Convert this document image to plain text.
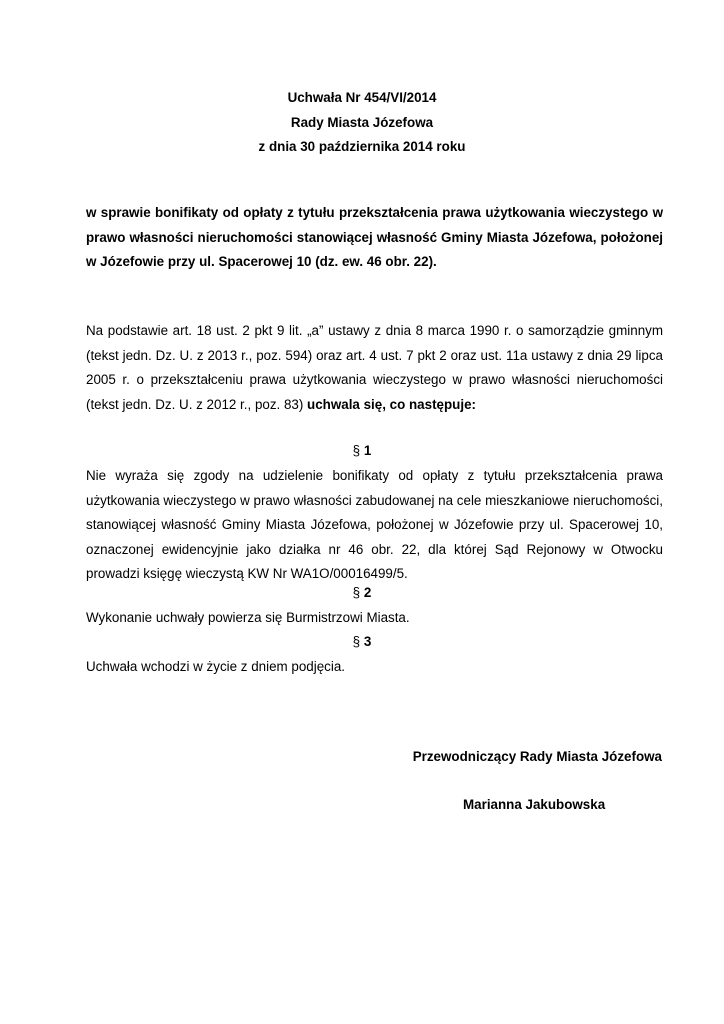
Uchwała Nr 454/VI/2014
Rady Miasta Józefowa
z dnia 30 października 2014 roku
w sprawie bonifikaty od opłaty z tytułu przekształcenia prawa użytkowania wieczystego w prawo własności nieruchomości stanowiącej własność Gminy Miasta Józefowa, położonej w Józefowie przy ul. Spacerowej 10 (dz. ew. 46 obr. 22).
Na podstawie art. 18 ust. 2 pkt 9 lit. „a” ustawy z dnia 8 marca 1990 r. o samorządzie gminnym (tekst jedn. Dz. U. z 2013 r., poz. 594) oraz art. 4 ust. 7 pkt 2 oraz ust. 11a ustawy z dnia 29 lipca 2005 r. o przekształceniu prawa użytkowania wieczystego w prawo własności nieruchomości (tekst jedn. Dz. U. z 2012 r., poz. 83) uchwala się, co następuje:
§ 1
Nie wyraża się zgody na udzielenie bonifikaty od opłaty z tytułu przekształcenia prawa użytkowania wieczystego w prawo własności zabudowanej na cele mieszkaniowe nieruchomości, stanowiącej własność Gminy Miasta Józefowa, położonej w Józefowie przy ul. Spacerowej 10, oznaczonej ewidencyjnie jako działka nr 46 obr. 22, dla której Sąd Rejonowy w Otwocku prowadzi księgę wieczystą KW Nr WA1O/00016499/5.
§ 2
Wykonanie uchwały powierza się Burmistrzowi Miasta.
§ 3
Uchwała wchodzi w życie z dniem podjęcia.
Przewodniczący Rady Miasta Józefowa
Marianna Jakubowska
